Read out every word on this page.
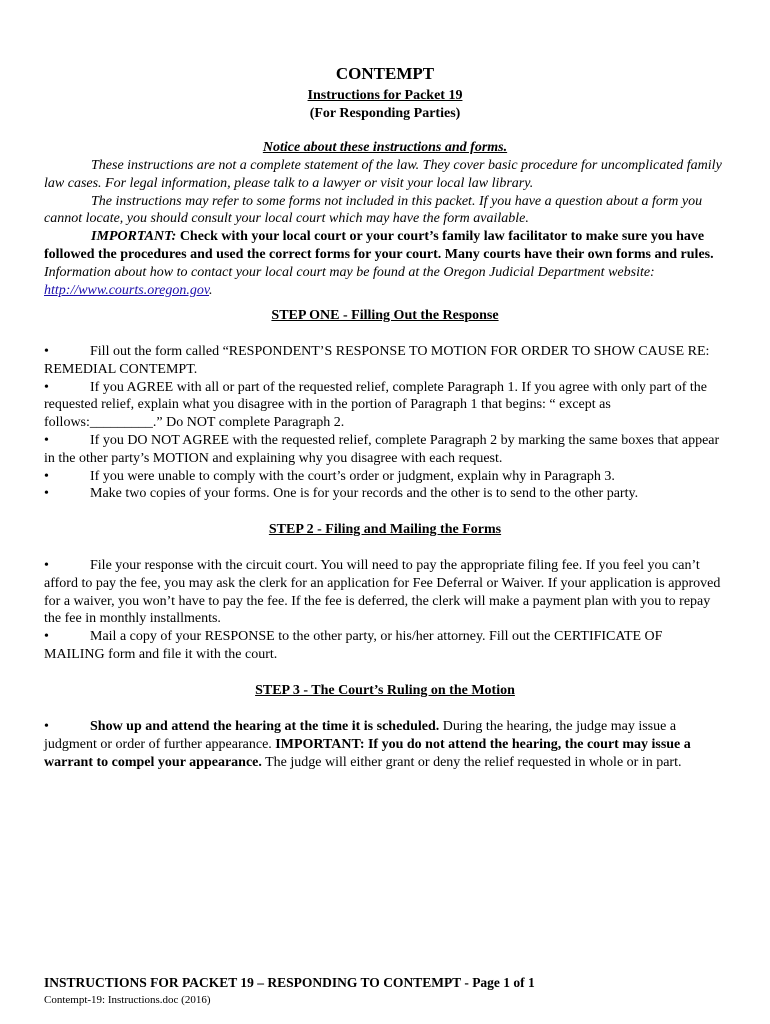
CONTEMPT
Instructions for Packet 19
(For Responding Parties)
Notice about these instructions and forms.

These instructions are not a complete statement of the law. They cover basic procedure for uncomplicated family law cases. For legal information, please talk to a lawyer or visit your local law library.

The instructions may refer to some forms not included in this packet. If you have a question about a form you cannot locate, you should consult your local court which may have the form available.

IMPORTANT: Check with your local court or your court’s family law facilitator to make sure you have followed the procedures and used the correct forms for your court. Many courts have their own forms and rules. Information about how to contact your local court may be found at the Oregon Judicial Department website: http://www.courts.oregon.gov.

STEP ONE - Filling Out the Response

•	Fill out the form called “RESPONDENT’S RESPONSE TO MOTION FOR ORDER TO SHOW CAUSE RE: REMEDIAL CONTEMPT.

•	If you AGREE with all or part of the requested relief, complete Paragraph 1. If you agree with only part of the requested relief, explain what you disagree with in the portion of Paragraph 1 that begins: “ except as follows:_________.” Do NOT complete Paragraph 2.

•	If you DO NOT AGREE with the requested relief, complete Paragraph 2 by marking the same boxes that appear in the other party’s MOTION and explaining why you disagree with each request.

•	If you were unable to comply with the court’s order or judgment, explain why in Paragraph 3.

•	Make two copies of your forms. One is for your records and the other is to send to the other party.

STEP 2 - Filing and Mailing the Forms

•	File your response with the circuit court. You will need to pay the appropriate filing fee. If you feel you can’t afford to pay the fee, you may ask the clerk for an application for Fee Deferral or Waiver. If your application is approved for a waiver, you won’t have to pay the fee. If the fee is deferred, the clerk will make a payment plan with you to repay the fee in monthly installments.

•	Mail a copy of your RESPONSE to the other party, or his/her attorney. Fill out the CERTIFICATE OF MAILING form and file it with the court.

STEP 3 - The Court’s Ruling on the Motion

•	Show up and attend the hearing at the time it is scheduled. During the hearing, the judge may issue a judgment or order of further appearance. IMPORTANT: If you do not attend the hearing, the court may issue a warrant to compel your appearance. The judge will either grant or deny the relief requested in whole or in part.

INSTRUCTIONS FOR PACKET 19 – RESPONDING TO CONTEMPT - Page 1 of 1
Contempt-19: Instructions.doc (2016)
